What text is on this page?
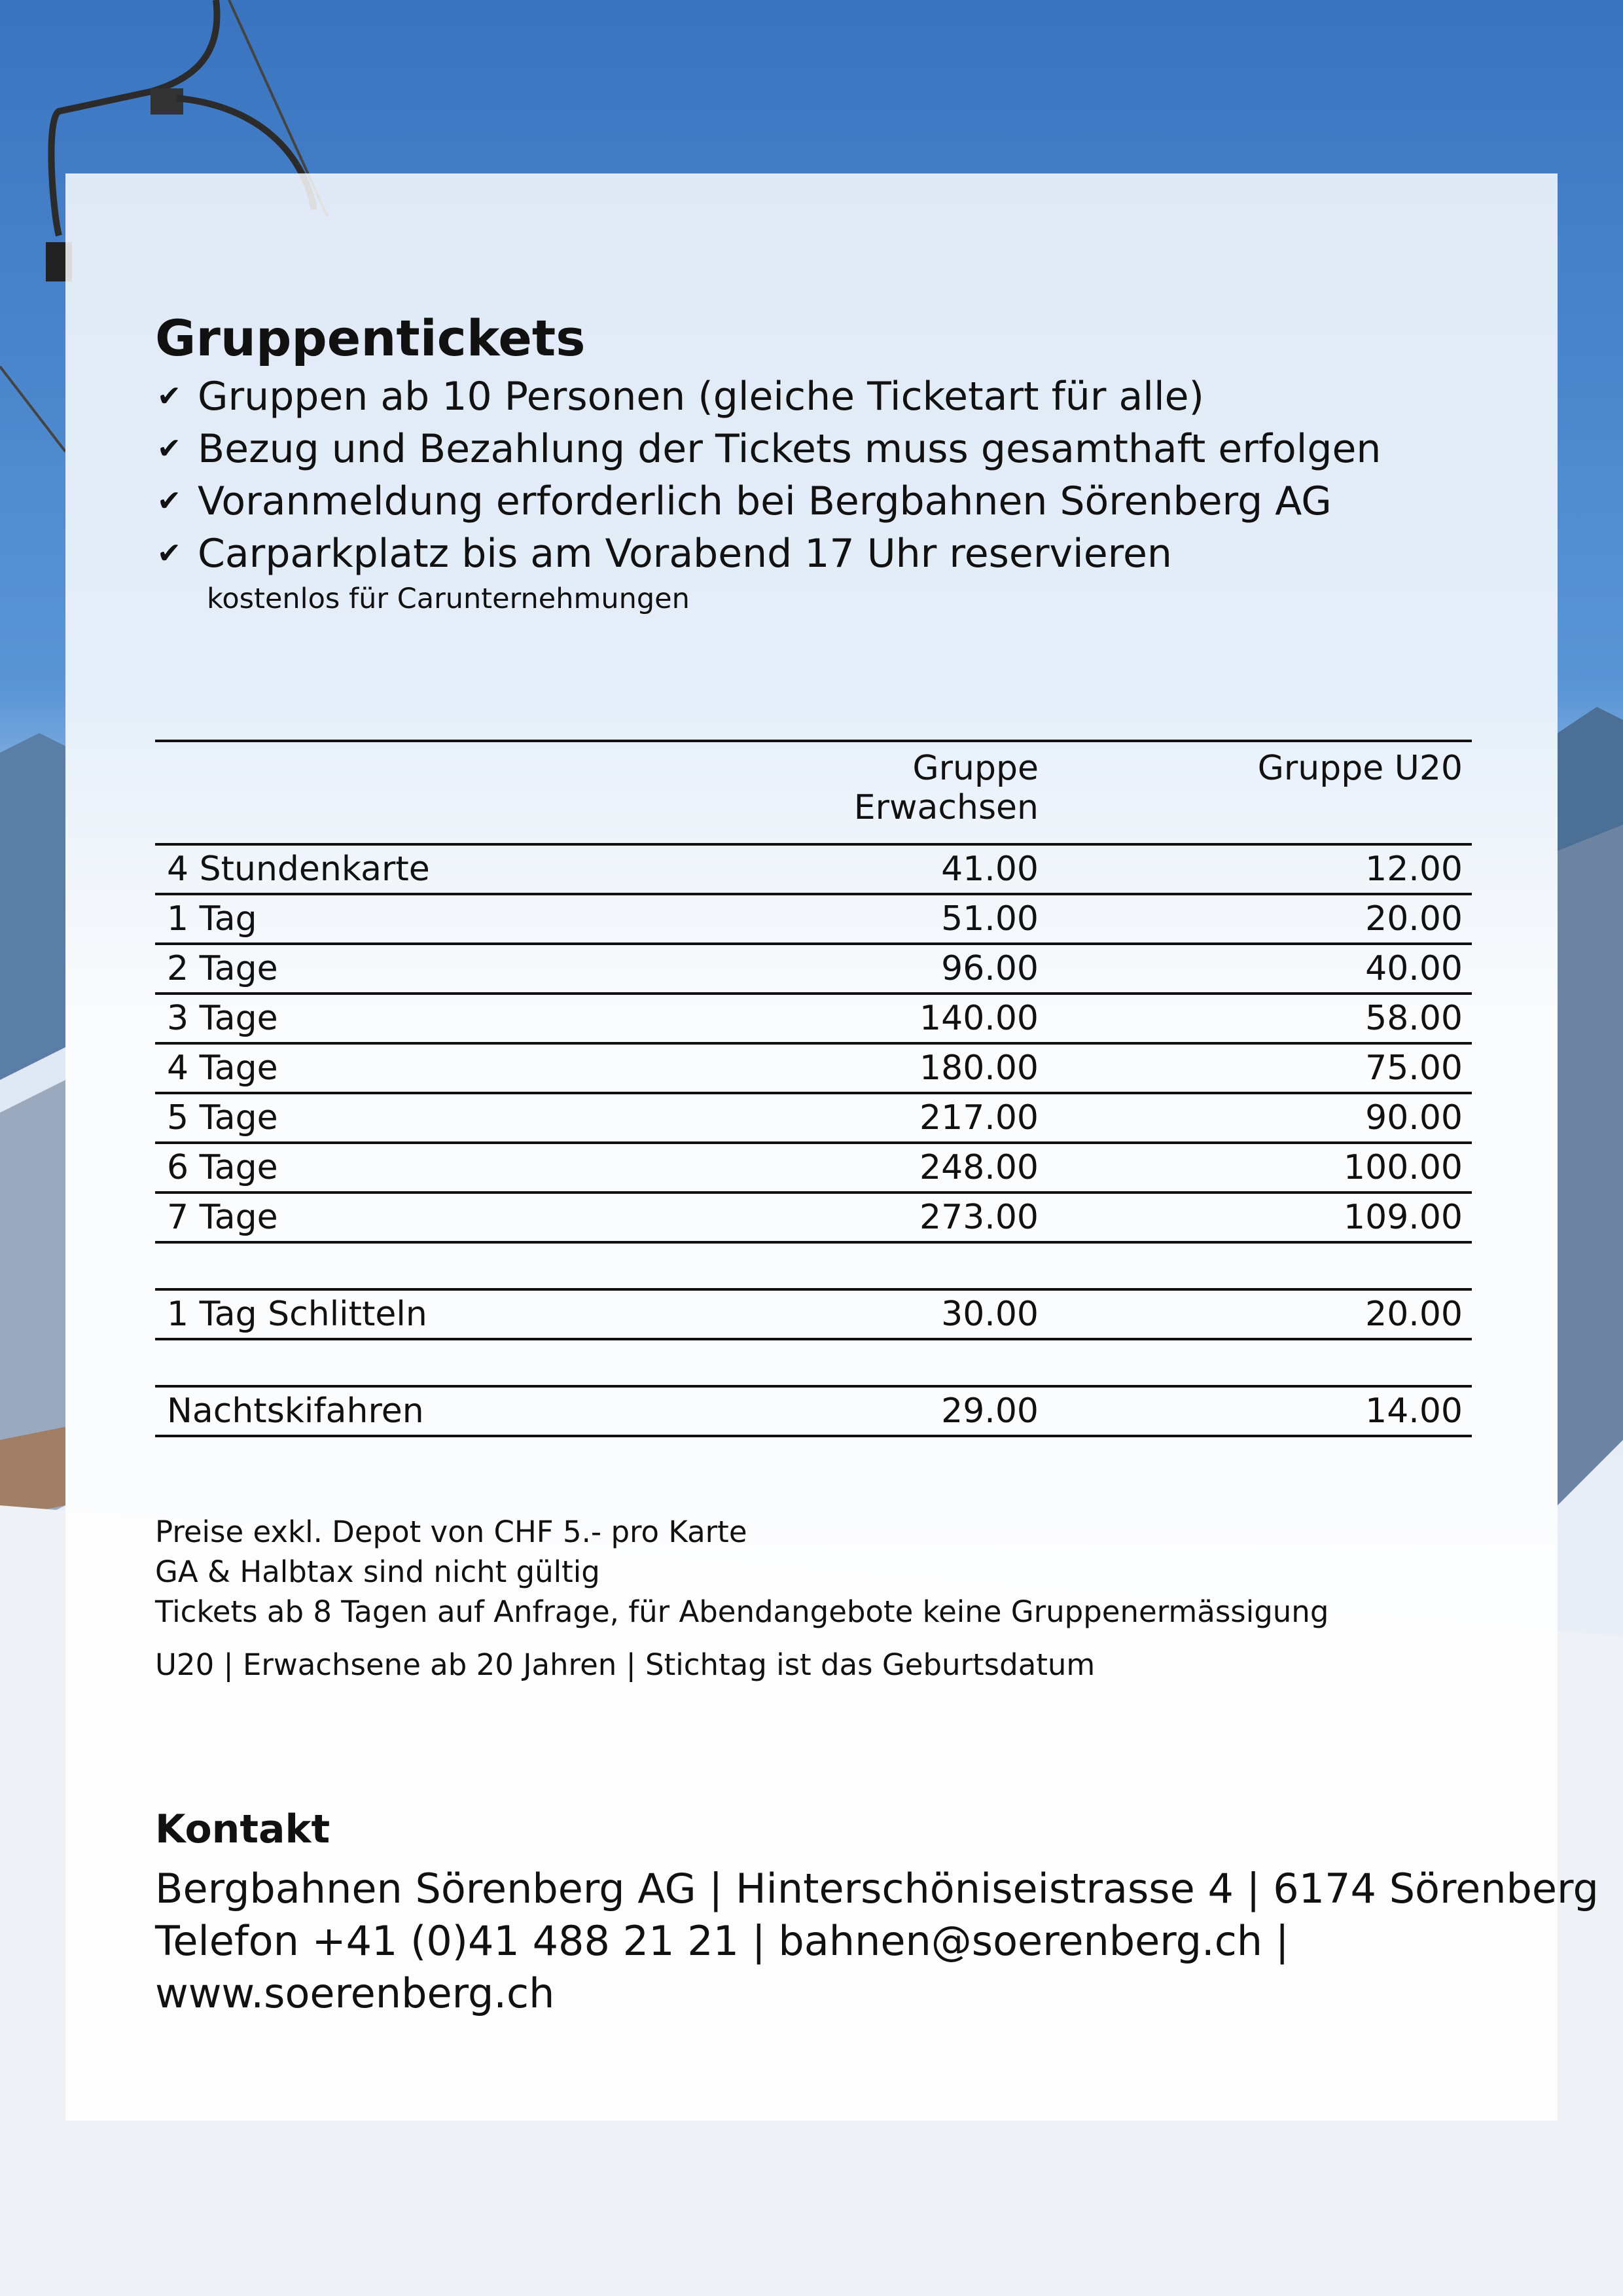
Gruppentickets
✔ Gruppen ab 10 Personen (gleiche Ticketart für alle)
✔ Bezug und Bezahlung der Tickets muss gesamthaft erfolgen
✔ Voranmeldung erforderlich bei Bergbahnen Sörenberg AG
✔ Carparkplatz bis am Vorabend 17 Uhr reservieren
kostenlos für Carunternehmungen
	Gruppe Erwachsen	Gruppe U20
4 Stundenkarte	41.00	12.00
1 Tag	51.00	20.00
2 Tage	96.00	40.00
3 Tage	140.00	58.00
4 Tage	180.00	75.00
5 Tage	217.00	90.00
6 Tage	248.00	100.00
7 Tage	273.00	109.00

1 Tag Schlitteln	30.00	20.00

Nachtskifahren	29.00	14.00
Preise exkl. Depot von CHF 5.- pro Karte
GA & Halbtax sind nicht gültig
Tickets ab 8 Tagen auf Anfrage, für Abendangebote keine Gruppenermässigung
U20 | Erwachsene ab 20 Jahren | Stichtag ist das Geburtsdatum
Kontakt
Bergbahnen Sörenberg AG | Hinterschöniseistrasse 4 | 6174 Sörenberg
Telefon +41 (0)41 488 21 21 | bahnen@soerenberg.ch |
www.soerenberg.ch
